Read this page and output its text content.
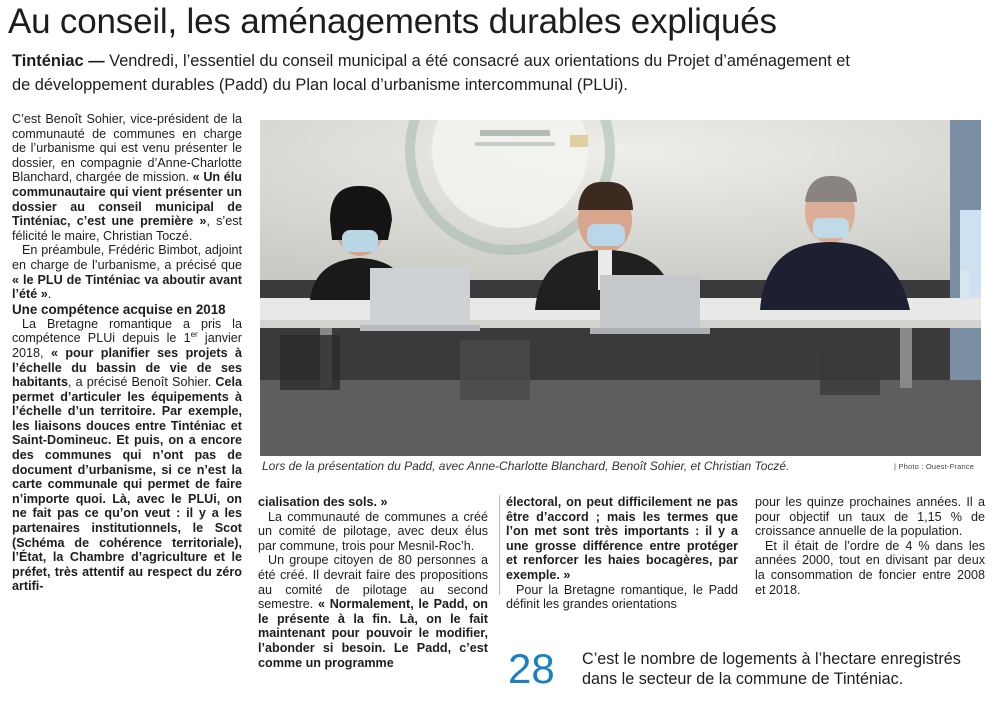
Au conseil, les aménagements durables expliqués

Tinténiac — Vendredi, l’essentiel du conseil municipal a été consacré aux orientations du Projet d’aménagement et de développement durables (Padd) du Plan local d’urbanisme intercommunal (PLUi).

C’est Benoît Sohier, vice-président de la communauté de communes en charge de l’urbanisme qui est venu présenter le dossier, en compagnie d’Anne-Charlotte Blanchard, chargée de mission. « Un élu communautaire qui vient présenter un dossier au conseil municipal de Tinténiac, c’est une première », s’est félicité le maire, Christian Toczé.

En préambule, Frédéric Bimbot, adjoint en charge de l’urbanisme, a précisé que « le PLU de Tinténiac va aboutir avant l’été ».

Une compétence acquise en 2018

La Bretagne romantique a pris la compétence PLUi depuis le 1er janvier 2018, « pour planifier ses projets à l’échelle du bassin de vie de ses habitants, a précisé Benoît Sohier. Cela permet d’articuler les équipements à l’échelle d’un territoire. Par exemple, les liaisons douces entre Tinténiac et Saint-Domineuc. Et puis, on a encore des communes qui n’ont pas de document d’urbanisme, si ce n’est la carte communale qui permet de faire n’importe quoi. Là, avec le PLUi, on ne fait pas ce qu’on veut : il y a les partenaires institutionnels, le Scot (Schéma de cohérence territoriale), l’État, la Chambre d’agriculture et le préfet, très attentif au respect du zéro artifi-

Lors de la présentation du Padd, avec Anne-Charlotte Blanchard, Benoît Sohier, et Christian Toczé.	| Photo : Ouest-France

cialisation des sols. »

La communauté de communes a créé un comité de pilotage, avec deux élus par commune, trois pour Mesnil-Roc’h.

Un groupe citoyen de 80 personnes a été créé. Il devrait faire des propositions au comité de pilotage au second semestre. « Normalement, le Padd, on le présente à la fin. Là, on le fait maintenant pour pouvoir le modifier, l’abonder si besoin. Le Padd, c’est comme un programme

électoral, on peut difficilement ne pas être d’accord ; mais les termes que l’on met sont très importants : il y a une grosse différence entre protéger et renforcer les haies bocagères, par exemple. »

Pour la Bretagne romantique, le Padd définit les grandes orientations

pour les quinze prochaines années. Il a pour objectif un taux de 1,15 % de croissance annuelle de la population.

Et il était de l’ordre de 4 % dans les années 2000, tout en divisant par deux la consommation de foncier entre 2008 et 2018.

28 C’est le nombre de logements à l’hectare enregistrés dans le secteur de la commune de Tinténiac.
